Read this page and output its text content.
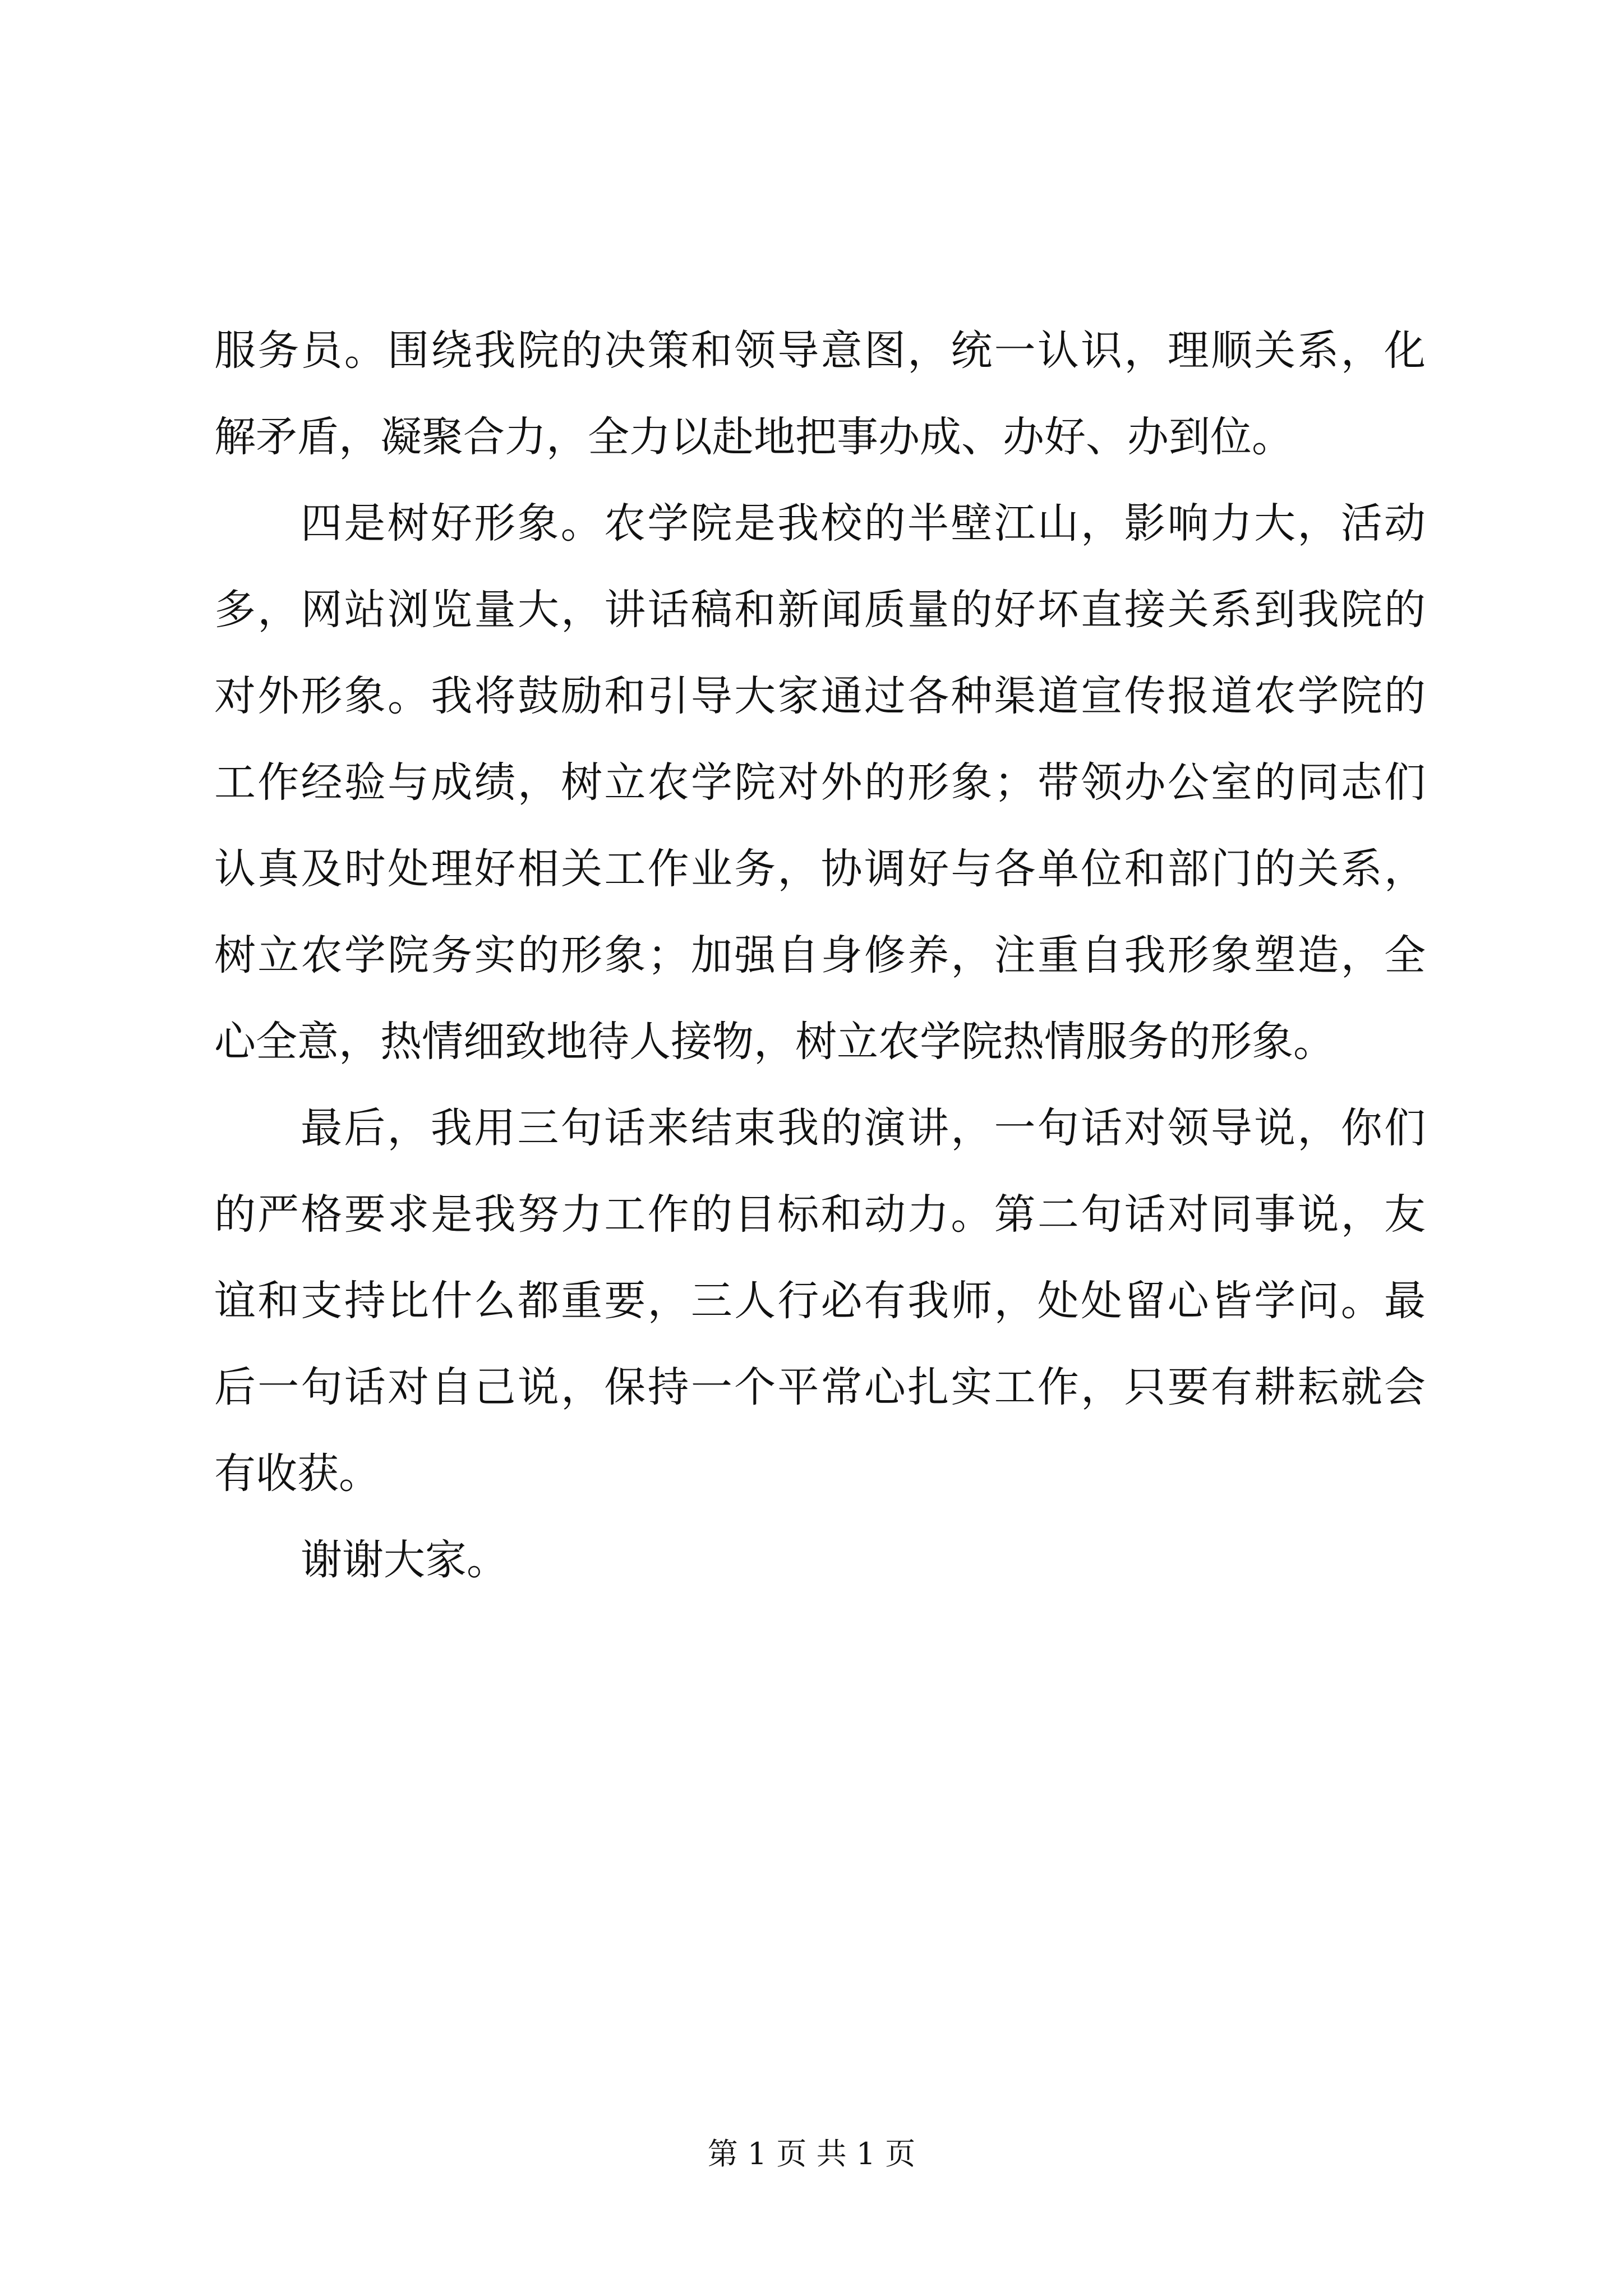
服务员。围绕我院的决策和领导意图，统一认识，理顺关系，化
解矛盾，凝聚合力，全力以赴地把事办成、办好、办到位。
四是树好形象。农学院是我校的半壁江山，影响力大，活动
多，网站浏览量大，讲话稿和新闻质量的好坏直接关系到我院的
对外形象。我将鼓励和引导大家通过各种渠道宣传报道农学院的
工作经验与成绩，树立农学院对外的形象；带领办公室的同志们
认真及时处理好相关工作业务，协调好与各单位和部门的关系，
树立农学院务实的形象；加强自身修养，注重自我形象塑造，全
心全意，热情细致地待人接物，树立农学院热情服务的形象。
最后，我用三句话来结束我的演讲，一句话对领导说，你们
的严格要求是我努力工作的目标和动力。第二句话对同事说，友
谊和支持比什么都重要，三人行必有我师，处处留心皆学问。最
后一句话对自己说，保持一个平常心扎实工作，只要有耕耘就会
有收获。
谢谢大家。
第 1 页 共 1 页
